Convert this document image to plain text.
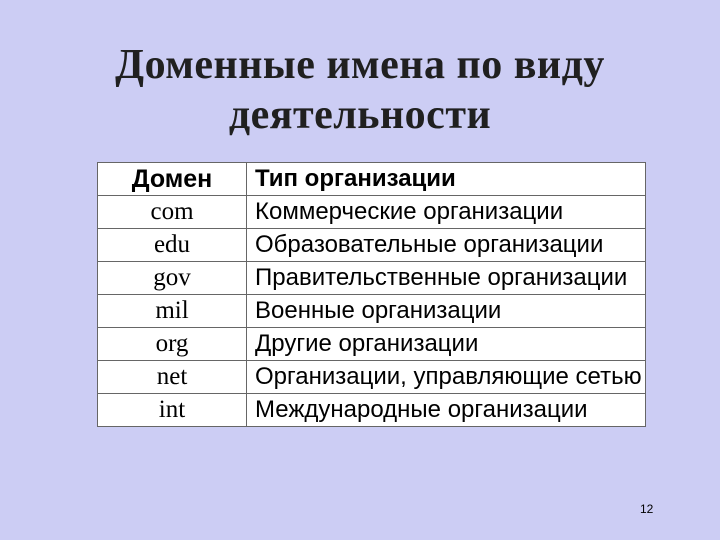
Доменные имена по виду
деятельности
Домен	Тип организации
com	Коммерческие организации
edu	Образовательные организации
gov	Правительственные организации
mil	Военные организации
org	Другие организации
net	Организации, управляющие сетью
int	Международные организации
12
